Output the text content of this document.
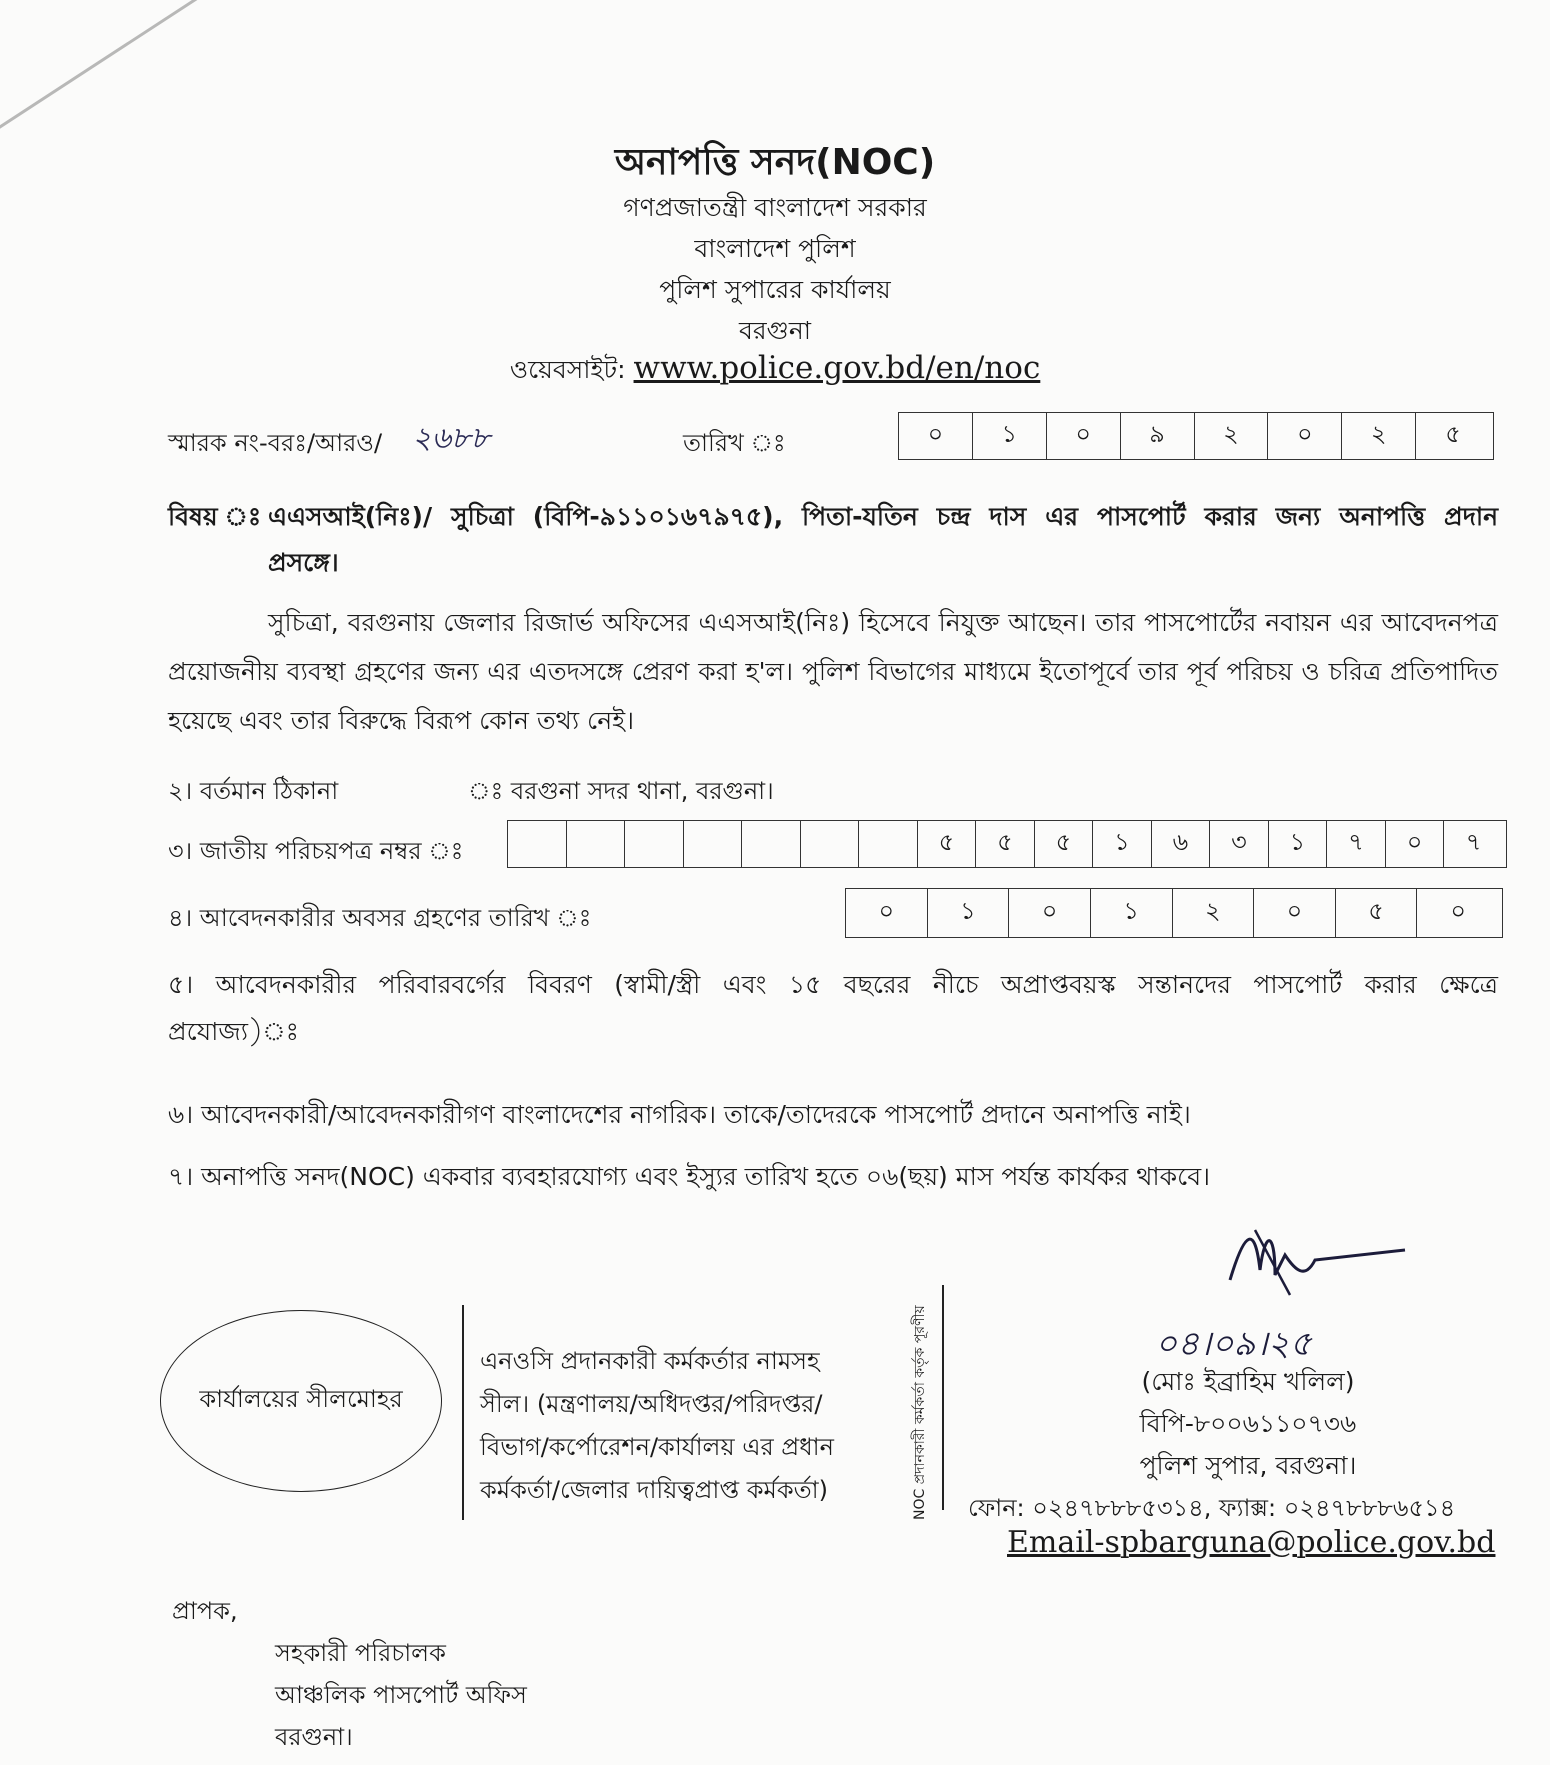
অনাপত্তি সনদ(NOC)
গণপ্রজাতন্ত্রী বাংলাদেশ সরকার
বাংলাদেশ পুলিশ
পুলিশ সুপারের কার্যালয়
বরগুনা
ওয়েবসাইট: www.police.gov.bd/en/noc
স্মারক নং-বরঃ/আরও/ ২৬৮৮	তারিখ ঃ	০	১	০	৯	২	০	২	৫
বিষয় ঃ এএসআই(নিঃ)/ সুচিত্রা (বিপি-৯১১০১৬৭৯৭৫), পিতা-যতিন চন্দ্র দাস এর পাসপোর্ট করার জন্য অনাপত্তি প্রদান
প্রসঙ্গে।
সুচিত্রা, বরগুনায় জেলার রিজার্ভ অফিসের এএসআই(নিঃ) হিসেবে নিযুক্ত আছেন। তার পাসপোর্টের নবায়ন এর আবেদনপত্র প্রয়োজনীয় ব্যবস্থা গ্রহণের জন্য এর এতদসঙ্গে প্রেরণ করা হ'ল। পুলিশ বিভাগের মাধ্যমে ইতোপূর্বে তার পূর্ব পরিচয় ও চরিত্র প্রতিপাদিত হয়েছে এবং তার বিরুদ্ধে বিরূপ কোন তথ্য নেই।
২। বর্তমান ঠিকানা	ঃ বরগুনা সদর থানা, বরগুনা।
৩। জাতীয় পরিচয়পত্র নম্বর ঃ	৫	৫	৫	১	৬	৩	১	৭	০	৭
৪। আবেদনকারীর অবসর গ্রহণের তারিখ ঃ	০	১	০	১	২	০	৫	০
৫। আবেদনকারীর পরিবারবর্গের বিবরণ (স্বামী/স্ত্রী এবং ১৫ বছরের নীচে অপ্রাপ্তবয়স্ক সন্তানদের পাসপোর্ট করার ক্ষেত্রে
প্রযোজ্য)ঃ
৬। আবেদনকারী/আবেদনকারীগণ বাংলাদেশের নাগরিক। তাকে/তাদেরকে পাসপোর্ট প্রদানে অনাপত্তি নাই।
৭। অনাপত্তি সনদ(NOC) একবার ব্যবহারযোগ্য এবং ইস্যুর তারিখ হতে ০৬(ছয়) মাস পর্যন্ত কার্যকর থাকবে।
কার্যালয়ের সীলমোহর
এনওসি প্রদানকারী কর্মকর্তার নামসহ
সীল। (মন্ত্রণালয়/অধিদপ্তর/পরিদপ্তর/
বিভাগ/কর্পোরেশন/কার্যালয় এর প্রধান
কর্মকর্তা/জেলার দায়িত্বপ্রাপ্ত কর্মকর্তা)	NOC প্রদানকারী কর্মকর্তা কর্তৃক পূরণীয়	০৪।০৯।২৫
(মোঃ ইব্রাহিম খলিল)
বিপি-৮০০৬১১০৭৩৬
পুলিশ সুপার, বরগুনা।
ফোন: ০২৪৭৮৮৮৫৩১৪, ফ্যাক্স: ০২৪৭৮৮৮৬৫১৪
Email-spbarguna@police.gov.bd
প্রাপক,
সহকারী পরিচালক
আঞ্চলিক পাসপোর্ট অফিস
বরগুনা।
